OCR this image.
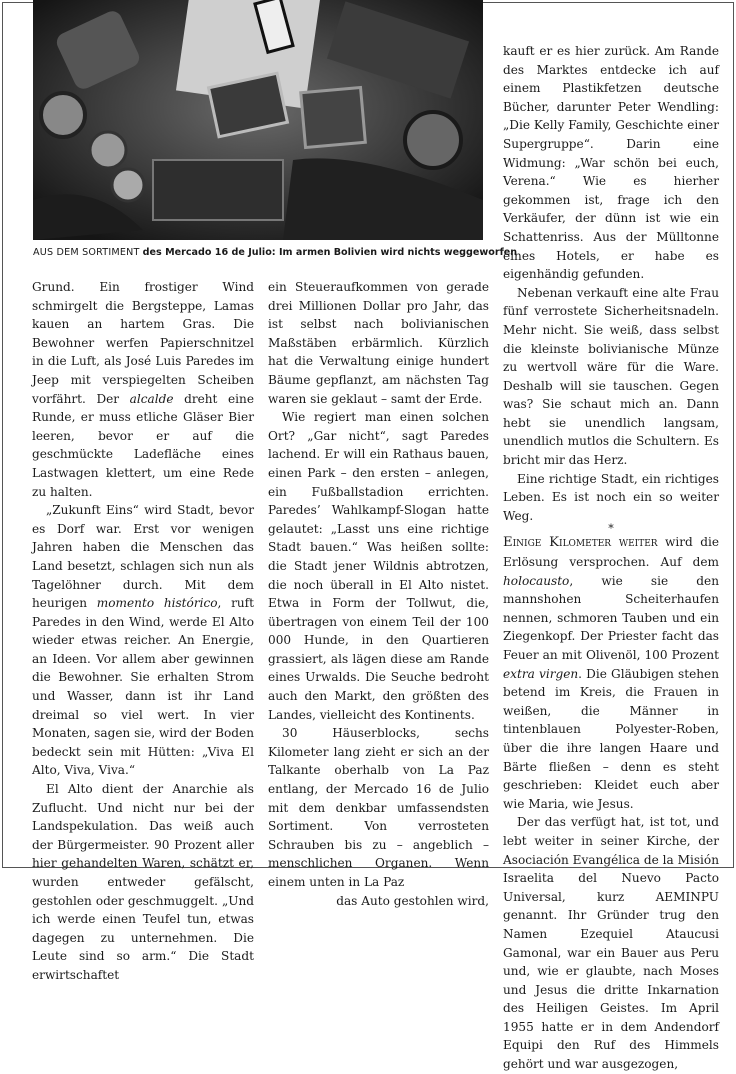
AUS DEM SORTIMENT des Mercado 16 de Julio: Im armen Bolivien wird nichts weggeworfen

Grund. Ein frostiger Wind schmirgelt die Bergsteppe, Lamas kauen an hartem Gras. Die Bewohner werfen Papierschnitzel in die Luft, als José Luis Paredes im Jeep mit verspiegelten Scheiben vorfährt. Der alcalde dreht eine Runde, er muss etliche Gläser Bier leeren, bevor er auf die geschmückte Ladefläche eines Lastwagen klettert, um eine Rede zu halten.

„Zukunft Eins“ wird Stadt, bevor es Dorf war. Erst vor wenigen Jahren haben die Menschen das Land besetzt, schlagen sich nun als Tagelöhner durch. Mit dem heurigen momento histórico, ruft Paredes in den Wind, werde El Alto wieder etwas reicher. An Energie, an Ideen. Vor allem aber gewinnen die Bewohner. Sie erhalten Strom und Wasser, dann ist ihr Land dreimal so viel wert. In vier Monaten, sagen sie, wird der Boden bedeckt sein mit Hütten: „Viva El Alto, Viva, Viva.“

El Alto dient der Anarchie als Zuflucht. Und nicht nur bei der Landspekulation. Das weiß auch der Bürgermeister. 90 Prozent aller hier gehandelten Waren, schätzt er, wurden entweder gefälscht, gestohlen oder geschmuggelt. „Und ich werde einen Teufel tun, etwas dagegen zu unternehmen. Die Leute sind so arm.“ Die Stadt erwirtschaftet

ein Steueraufkommen von gerade drei Millionen Dollar pro Jahr, das ist selbst nach bolivianischen Maßstäben erbärmlich. Kürzlich hat die Verwaltung einige hundert Bäume gepflanzt, am nächsten Tag waren sie geklaut – samt der Erde.

Wie regiert man einen solchen Ort? „Gar nicht“, sagt Paredes lachend. Er will ein Rathaus bauen, einen Park – den ersten – anlegen, ein Fußballstadion errichten. Paredes’ Wahlkampf-Slogan hatte gelautet: „Lasst uns eine richtige Stadt bauen.“ Was heißen sollte: die Stadt jener Wildnis abtrotzen, die noch überall in El Alto nistet. Etwa in Form der Tollwut, die, übertragen von einem Teil der 100 000 Hunde, in den Quartieren grassiert, als lägen diese am Rande eines Urwalds. Die Seuche bedroht auch den Markt, den größten des Landes, vielleicht des Kontinents.

30 Häuserblocks, sechs Kilometer lang zieht er sich an der Talkante oberhalb von La Paz entlang, der Mercado 16 de Julio mit dem denkbar umfassendsten Sortiment. Von verrosteten Schrauben bis zu – angeblich – menschlichen Organen. Wenn einem unten in La Paz

das Auto gestohlen wird,

kauft er es hier zurück. Am Rande des Marktes entdecke ich auf einem Plastikfetzen deutsche Bücher, darunter Peter Wendling: „Die Kelly Family, Geschichte einer Supergruppe“. Darin eine Widmung: „War schön bei euch, Verena.“ Wie es hierher gekommen ist, frage ich den Verkäufer, der dünn ist wie ein Schattenriss. Aus der Mülltonne eines Hotels, er habe es eigenhändig gefunden.

Nebenan verkauft eine alte Frau fünf verrostete Sicherheitsnadeln. Mehr nicht. Sie weiß, dass selbst die kleinste bolivianische Münze zu wertvoll wäre für die Ware. Deshalb will sie tauschen. Gegen was? Sie schaut mich an. Dann hebt sie unendlich langsam, unendlich mutlos die Schultern. Es bricht mir das Herz.

Eine richtige Stadt, ein richtiges Leben. Es ist noch ein so weiter Weg.

*

Einige Kilometer weiter wird die Erlösung versprochen. Auf dem holocausto, wie sie den mannshohen Scheiterhaufen nennen, schmoren Tauben und ein Ziegenkopf. Der Priester facht das Feuer an mit Olivenöl, 100 Prozent extra virgen. Die Gläubigen stehen betend im Kreis, die Frauen in weißen, die Männer in tintenblauen Polyester-Roben, über die ihre langen Haare und Bärte fließen – denn es steht geschrieben: Kleidet euch aber wie Maria, wie Jesus.

Der das verfügt hat, ist tot, und lebt weiter in seiner Kirche, der Asociación Evangélica de la Misión Israelita del Nuevo Pacto Universal, kurz AEMINPU genannt. Ihr Gründer trug den Namen Ezequiel Ataucusi Gamonal, war ein Bauer aus Peru und, wie er glaubte, nach Moses und Jesus die dritte Inkarnation des Heiligen Geistes. Im April 1955 hatte er in dem Andendorf Equipi den Ruf des Himmels gehört und war ausgezogen,
